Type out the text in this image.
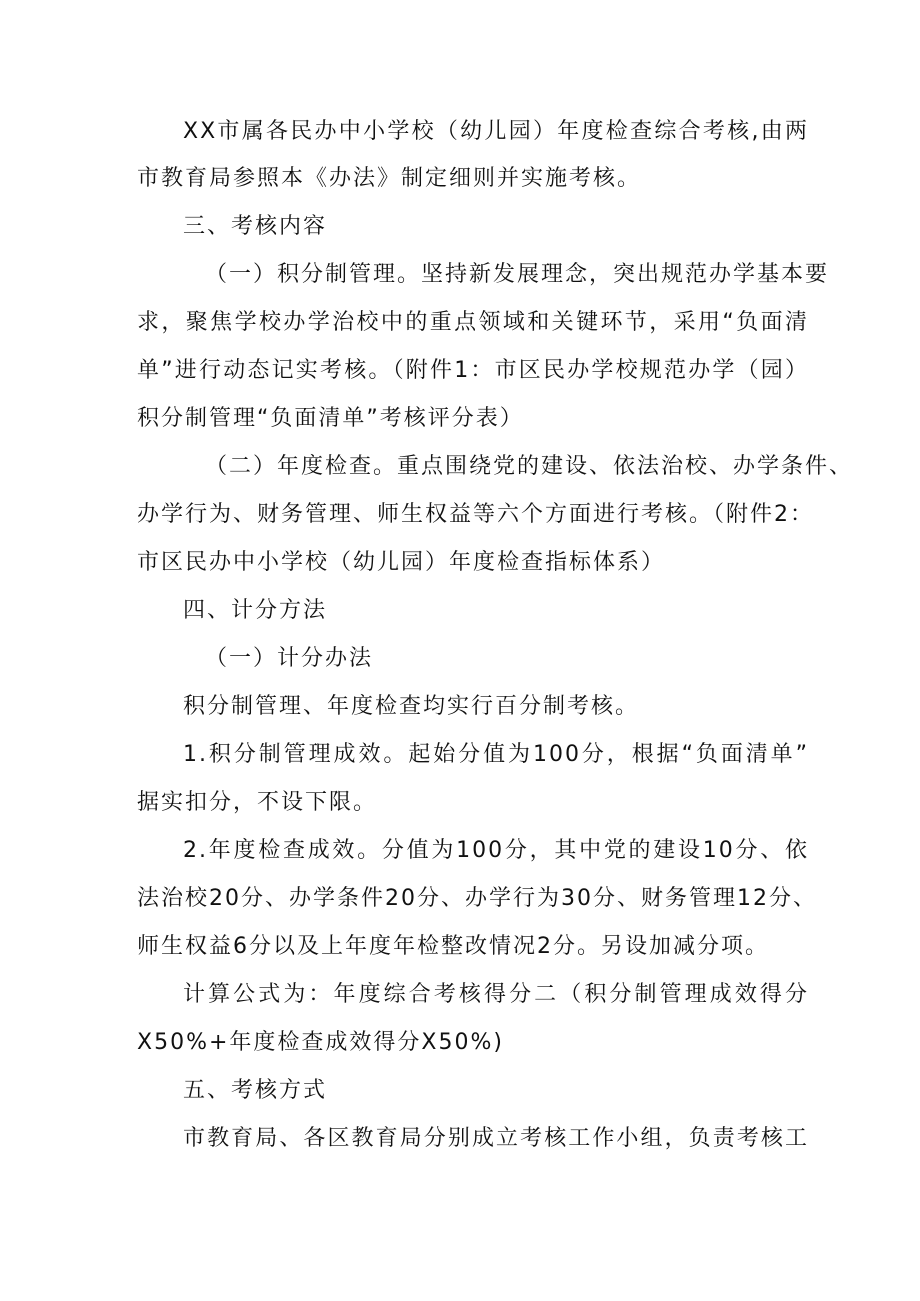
XX市属各民办中小学校（幼儿园）年度检查综合考核,由两
市教育局参照本《办法》制定细则并实施考核。
三、考核内容
（一）积分制管理。坚持新发展理念，突出规范办学基本要
求，聚焦学校办学治校中的重点领域和关键环节，采用“负面清
单”进行动态记实考核。（附件1：市区民办学校规范办学（园）
积分制管理“负面清单”考核评分表）
（二）年度检查。重点围绕党的建设、依法治校、办学条件、
办学行为、财务管理、师生权益等六个方面进行考核。（附件2：
市区民办中小学校（幼儿园）年度检查指标体系）
四、计分方法
（一）计分办法
积分制管理、年度检查均实行百分制考核。
1.积分制管理成效。起始分值为100分，根据“负面清单”
据实扣分，不设下限。
2.年度检查成效。分值为100分，其中党的建设10分、依
法治校20分、办学条件20分、办学行为30分、财务管理12分、
师生权益6分以及上年度年检整改情况2分。另设加减分项。
计算公式为：年度综合考核得分二（积分制管理成效得分
X50%+年度检查成效得分X50%)
五、考核方式
市教育局、各区教育局分别成立考核工作小组，负责考核工
